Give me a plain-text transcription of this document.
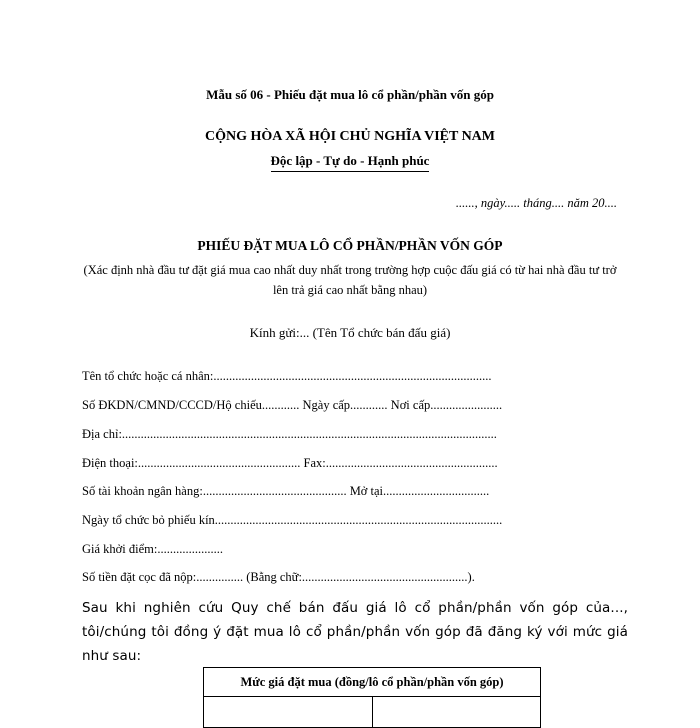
Mẫu số 06 - Phiếu đặt mua lô cổ phần/phần vốn góp
CỘNG HÒA XÃ HỘI CHỦ NGHĨA VIỆT NAM
Độc lập - Tự do - Hạnh phúc
......, ngày..... tháng.... năm 20....
PHIẾU ĐẶT MUA LÔ CỔ PHẦN/PHẦN VỐN GÓP
(Xác định nhà đầu tư đặt giá mua cao nhất duy nhất trong trường hợp cuộc đấu giá có từ hai nhà đầu tư trở lên trả giá cao nhất bằng nhau)
Kính gửi:... (Tên Tổ chức bán đấu giá)
Tên tổ chức hoặc cá nhân:.........................................................................................
Số ĐKDN/CMND/CCCD/Hộ chiếu............ Ngày cấp............ Nơi cấp.......................
Địa chỉ:........................................................................................................................
Điện thoại:.................................................... Fax:.......................................................
Số tài khoản ngân hàng:.............................................. Mở tại..................................
Ngày tổ chức bỏ phiếu kín............................................................................................
Giá khởi điểm:.....................
Số tiền đặt cọc đã nộp:............... (Bằng chữ:.....................................................).
Sau khi nghiên cứu Quy chế bán đấu giá lô cổ phần/phần vốn góp của..., tôi/chúng tôi đồng ý đặt mua lô cổ phần/phần vốn góp đã đăng ký với mức giá như sau:
Mức giá đặt mua (đồng/lô cổ phần/phần vốn góp)
